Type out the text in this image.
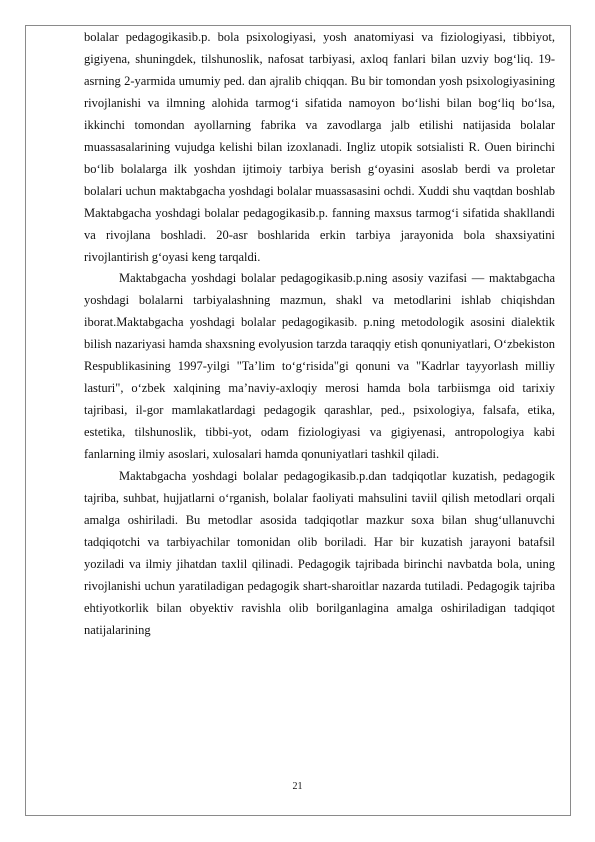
bolalar pedagogikasib.p. bola psixologiyasi, yosh anatomiyasi va fiziologiyasi, tibbiyot, gigiyena, shuningdek, tilshunoslik, nafosat tarbiyasi, axloq fanlari bilan uzviy bog‘liq. 19-asrning 2-yarmida umumiy ped. dan ajralib chiqqan. Bu bir tomondan yosh psixologiyasining rivojlanishi va ilmning alohida tarmog‘i sifatida namoyon bo‘lishi bilan bog‘liq bo‘lsa, ikkinchi tomondan ayollarning fabrika va zavodlarga jalb etilishi natijasida bolalar muassasalarining vujudga kelishi bilan izoxlanadi. Ingliz utopik sotsialisti R. Ouen birinchi bo‘lib bolalarga ilk yoshdan ijtimoiy tarbiya berish g‘oyasini asoslab berdi va proletar bolalari uchun maktabgacha yoshdagi bolalar muassasasini ochdi. Xuddi shu vaqtdan boshlab Maktabgacha yoshdagi bolalar pedagogikasib.p. fanning maxsus tarmog‘i sifatida shakllandi va rivojlana boshladi. 20-asr boshlarida erkin tarbiya jarayonida bola shaxsiyatini rivojlantirish g‘oyasi keng tarqaldi.

Maktabgacha yoshdagi bolalar pedagogikasib.p.ning asosiy vazifasi — maktabgacha yoshdagi bolalarni tarbiyalashning mazmun, shakl va metodlarini ishlab chiqishdan iborat.Maktabgacha yoshdagi bolalar pedagogikasib. p.ning metodologik asosini dialektik bilish nazariyasi hamda shaxsning evolyusion tarzda taraqqiy etish qonuniyatlari, O‘zbekiston Respublikasining 1997-yilgi "Ta’lim to‘g‘risida"gi qonuni va "Kadrlar tayyorlash milliy lasturi", o‘zbek xalqining ma’naviy-axloqiy merosi hamda bola tarbiismga oid tarixiy tajribasi, il-gor mamlakatlardagi pedagogik qarashlar, ped., psixologiya, falsafa, etika, estetika, tilshunoslik, tibbi-yot, odam fiziologiyasi va gigiyenasi, antropologiya kabi fanlarning ilmiy asoslari, xulosalari hamda qonuniyatlari tashkil qiladi.

Maktabgacha yoshdagi bolalar pedagogikasib.p.dan tadqiqotlar kuzatish, pedagogik tajriba, suhbat, hujjatlarni o‘rganish, bolalar faoliyati mahsulini taviil qilish metodlari orqali amalga oshiriladi. Bu metodlar asosida tadqiqotlar mazkur soxa bilan shug‘ullanuvchi tadqiqotchi va tarbiyachilar tomonidan olib boriladi. Har bir kuzatish jarayoni batafsil yoziladi va ilmiy jihatdan taxlil qilinadi. Pedagogik tajribada birinchi navbatda bola, uning rivojlanishi uchun yaratiladigan pedagogik shart-sharoitlar nazarda tutiladi. Pedagogik tajriba ehtiyotkorlik bilan obyektiv ravishla olib borilganlagina amalga oshiriladigan tadqiqot natijalarining

21
